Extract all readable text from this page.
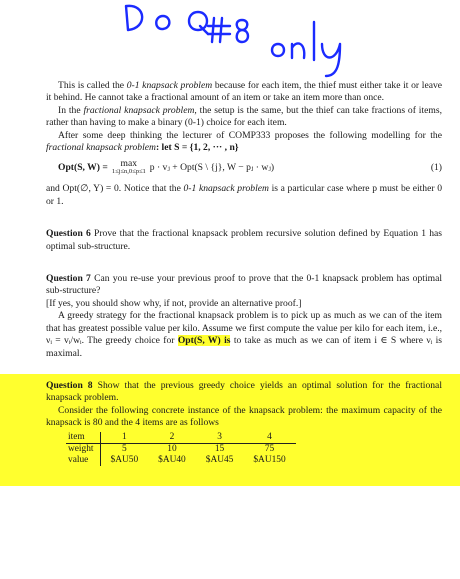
This is called the 0-1 knapsack problem because for each item, the thief must either take it or leave it behind. He cannot take a fractional amount of an item or take an item more than once.

In the fractional knapsack problem, the setup is the same, but the thief can take fractions of items, rather than having to make a binary (0-1) choice for each item.

After some deep thinking the lecturer of COMP333 proposes the following modelling for the fractional knapsack problem: let S = {1, 2, ··· , n}

Opt(S, W) = max
1≤j≤n,0≤p≤1 p · vⱼ + Opt(S \ {j}, W − pⱼ · wⱼ)	(1)

and Opt(∅, Y) = 0. Notice that the 0-1 knapsack problem is a particular case where p must be either 0 or 1.

Question 6 Prove that the fractional knapsack problem recursive solution defined by Equation 1 has optimal sub-structure.

Question 7 Can you re-use your previous proof to prove that the 0-1 knapsack problem has optimal sub-structure?

[If yes, you should show why, if not, provide an alternative proof.]

A greedy strategy for the fractional knapsack problem is to pick up as much as we can of the item that has greatest possible value per kilo. Assume we first compute the value per kilo for each item, i.e., νᵢ = vᵢ/wᵢ. The greedy choice for Opt(S, W) is to take as much as we can of item i ∈ S where νᵢ is maximal.

Question 8 Show that the previous greedy choice yields an optimal solution for the fractional knapsack problem.

Consider the following concrete instance of the knapsack problem: the maximum capacity of the knapsack is 80 and the 4 items are as follows

item	1	2	3	4
weight	5	10	15	75
value	$AU50	$AU40	$AU45	$AU150
